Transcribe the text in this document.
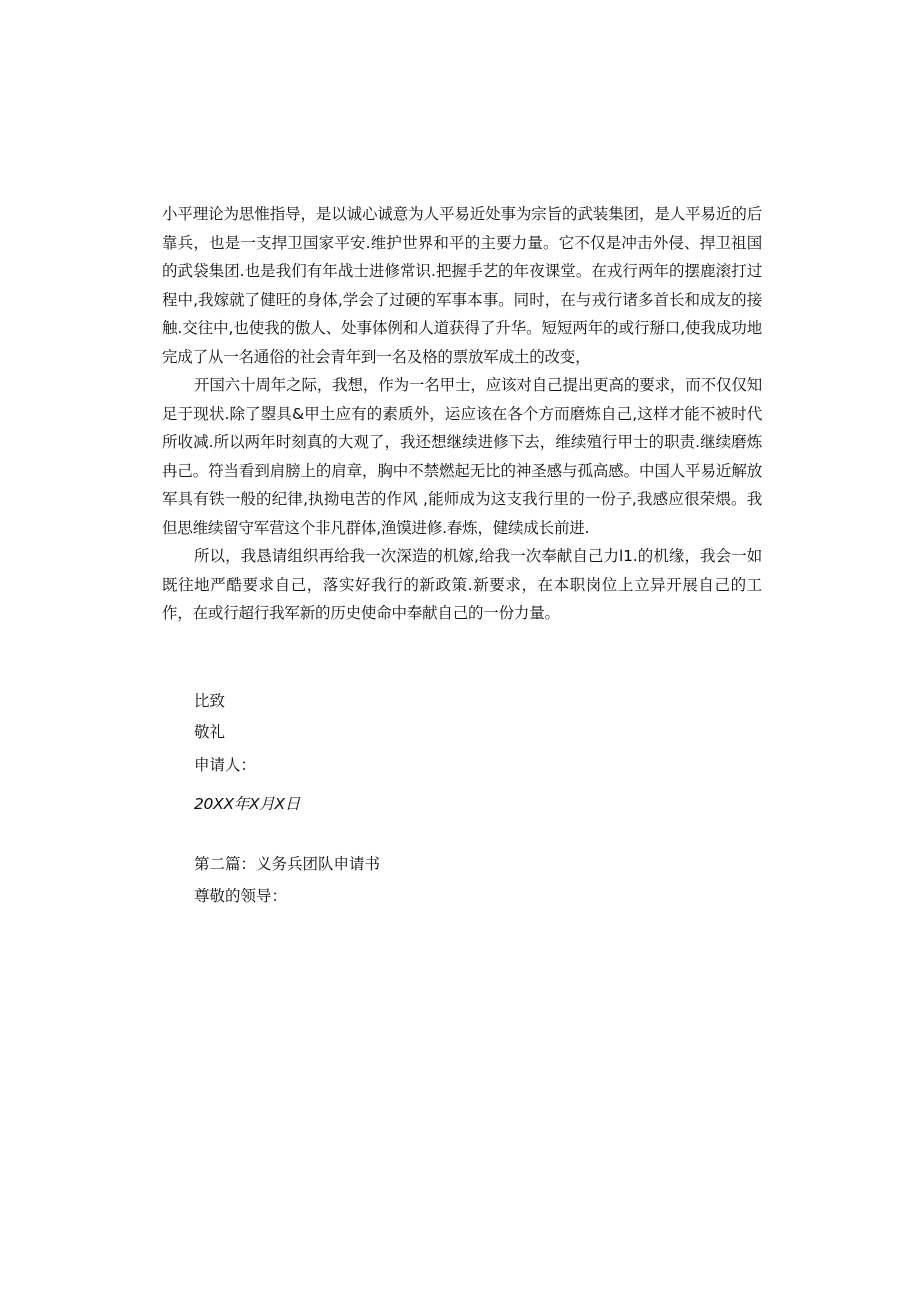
小平理论为思惟指导，是以诚心诚意为人平易近处事为宗旨的武装集团，是人平易近的后靠兵，也是一支捍卫国家平安.维护世界和平的主要力量。它不仅是冲击外侵、捍卫祖国的武袋集团.也是我们有年战士进修常识.把握手艺的年夜课堂。在戎行两年的摆鹿滚打过程中,我嫁就了健旺的身体,学会了过硬的军事本事。同时，在与戎行诸多首长和成友的接触.交往中,也使我的傲人、处事体例和人道获得了升华。短短两年的或行掰口,使我成功地完成了从一名通俗的社会青年到一名及格的票放军成土的改变，

开国六十周年之际，我想，作为一名甲士，应该对自己提出更高的要求，而不仅仅知足于现状.除了曌具&甲土应有的素质外，运应该在各个方而磨炼自己,这样才能不被时代所收减.所以两年时刻真的大观了，我还想继续进修下去，维续殖行甲士的职责.继续磨炼冉己。符当看到肩膀上的肩章，胸中不禁燃起无比的神圣感与孤高感。中国人平易近解放军具有铁一般的纪律,执拗电苦的作风 ,能师成为这支我行里的一份子,我感应很荣煨。我但思维续留守军营这个非凡群体,渔馍进修.春炼，健续成长前进.

所以，我恳请组织再给我一次深造的机嫁,给我一次奉献自己力l1.的机缘，我会一如既往地严酷要求自己，落实好我行的新政策.新要求，在本职岗位上立异开展自己的工作，在或行超行我军新的历史使命中奉献自己的一份力量。

比致
敬礼
申请人：
20XX年X月X日
第二篇：义务兵团队申请书
尊敬的领导：
